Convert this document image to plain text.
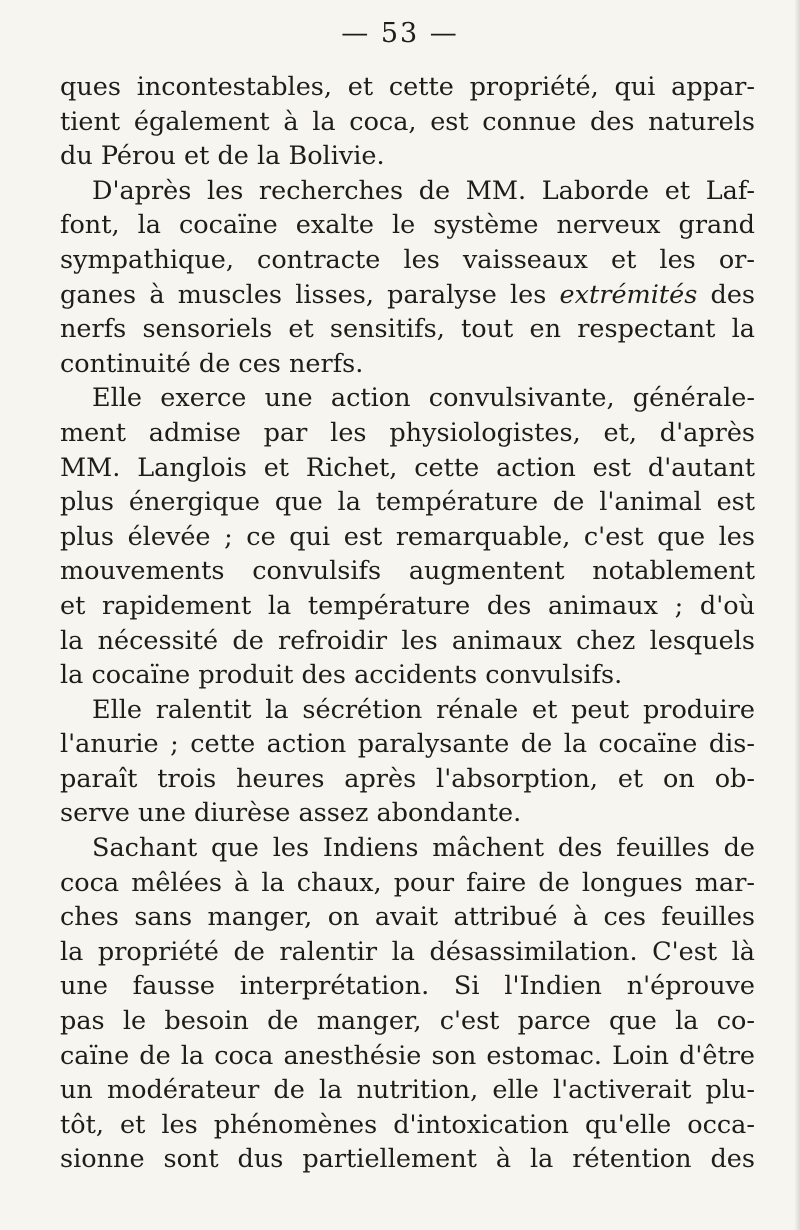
— 53 —
ques incontestables, et cette propriété, qui appar-
tient également à la coca, est connue des naturels
du Pérou et de la Bolivie.
D'après les recherches de MM. Laborde et Laf-
font, la cocaïne exalte le système nerveux grand
sympathique, contracte les vaisseaux et les or-
ganes à muscles lisses, paralyse les extrémités des
nerfs sensoriels et sensitifs, tout en respectant la
continuité de ces nerfs.
Elle exerce une action convulsivante, générale-
ment admise par les physiologistes, et, d'après
MM. Langlois et Richet, cette action est d'autant
plus énergique que la température de l'animal est
plus élevée ; ce qui est remarquable, c'est que les
mouvements convulsifs augmentent notablement
et rapidement la température des animaux ; d'où
la nécessité de refroidir les animaux chez lesquels
la cocaïne produit des accidents convulsifs.
Elle ralentit la sécrétion rénale et peut produire
l'anurie ; cette action paralysante de la cocaïne dis-
paraît trois heures après l'absorption, et on ob-
serve une diurèse assez abondante.
Sachant que les Indiens mâchent des feuilles de
coca mêlées à la chaux, pour faire de longues mar-
ches sans manger, on avait attribué à ces feuilles
la propriété de ralentir la désassimilation. C'est là
une fausse interprétation. Si l'Indien n'éprouve
pas le besoin de manger, c'est parce que la co-
caïne de la coca anesthésie son estomac. Loin d'être
un modérateur de la nutrition, elle l'activerait plu-
tôt, et les phénomènes d'intoxication qu'elle occa-
sionne sont dus partiellement à la rétention des
